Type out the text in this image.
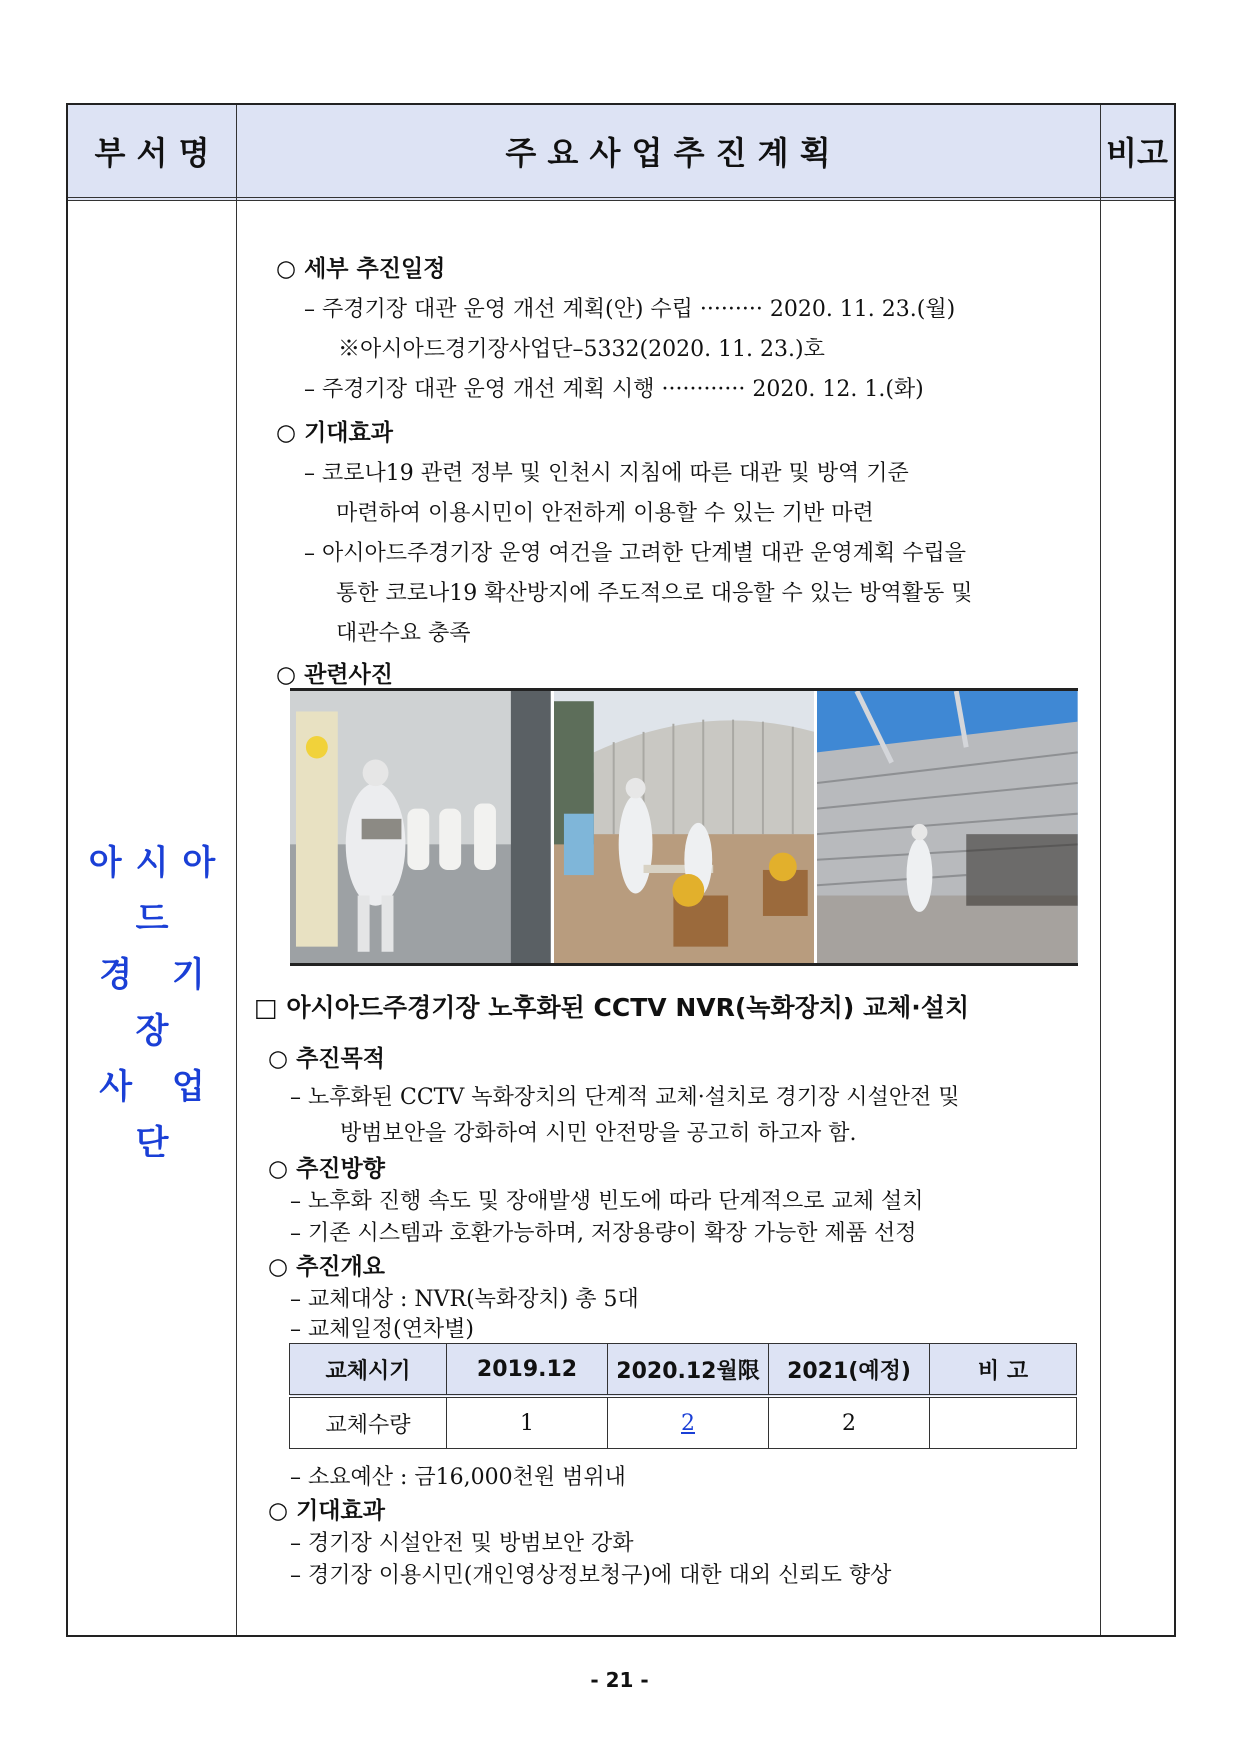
부 서 명	주 요 사 업 추 진 계 획	비고
아시아드
경 기 장
사 업 단
○ 세부 추진일정
– 주경기장 대관 운영 개선 계획(안) 수립 ········· 2020. 11. 23.(월)
※아시아드경기장사업단–5332(2020. 11. 23.)호
– 주경기장 대관 운영 개선 계획 시행 ············ 2020. 12. 1.(화)
○ 기대효과
– 코로나19 관련 정부 및 인천시 지침에 따른 대관 및 방역 기준
마련하여 이용시민이 안전하게 이용할 수 있는 기반 마련
– 아시아드주경기장 운영 여건을 고려한 단계별 대관 운영계획 수립을
통한 코로나19 확산방지에 주도적으로 대응할 수 있는 방역활동 및
대관수요 충족
○ 관련사진
□ 아시아드주경기장 노후화된 CCTV NVR(녹화장치) 교체·설치
○ 추진목적
– 노후화된 CCTV 녹화장치의 단계적 교체·설치로 경기장 시설안전 및
방범보안을 강화하여 시민 안전망을 공고히 하고자 함.
○ 추진방향
– 노후화 진행 속도 및 장애발생 빈도에 따라 단계적으로 교체 설치
– 기존 시스템과 호환가능하며, 저장용량이 확장 가능한 제품 선정
○ 추진개요
– 교체대상 : NVR(녹화장치) 총 5대
– 교체일정(연차별)
교체시기	2019.12	2020.12월限	2021(예정)	비 고
교체수량	1	2	2	
– 소요예산 : 금16,000천원 범위내
○ 기대효과
– 경기장 시설안전 및 방범보안 강화
– 경기장 이용시민(개인영상정보청구)에 대한 대외 신뢰도 향상
- 21 -
